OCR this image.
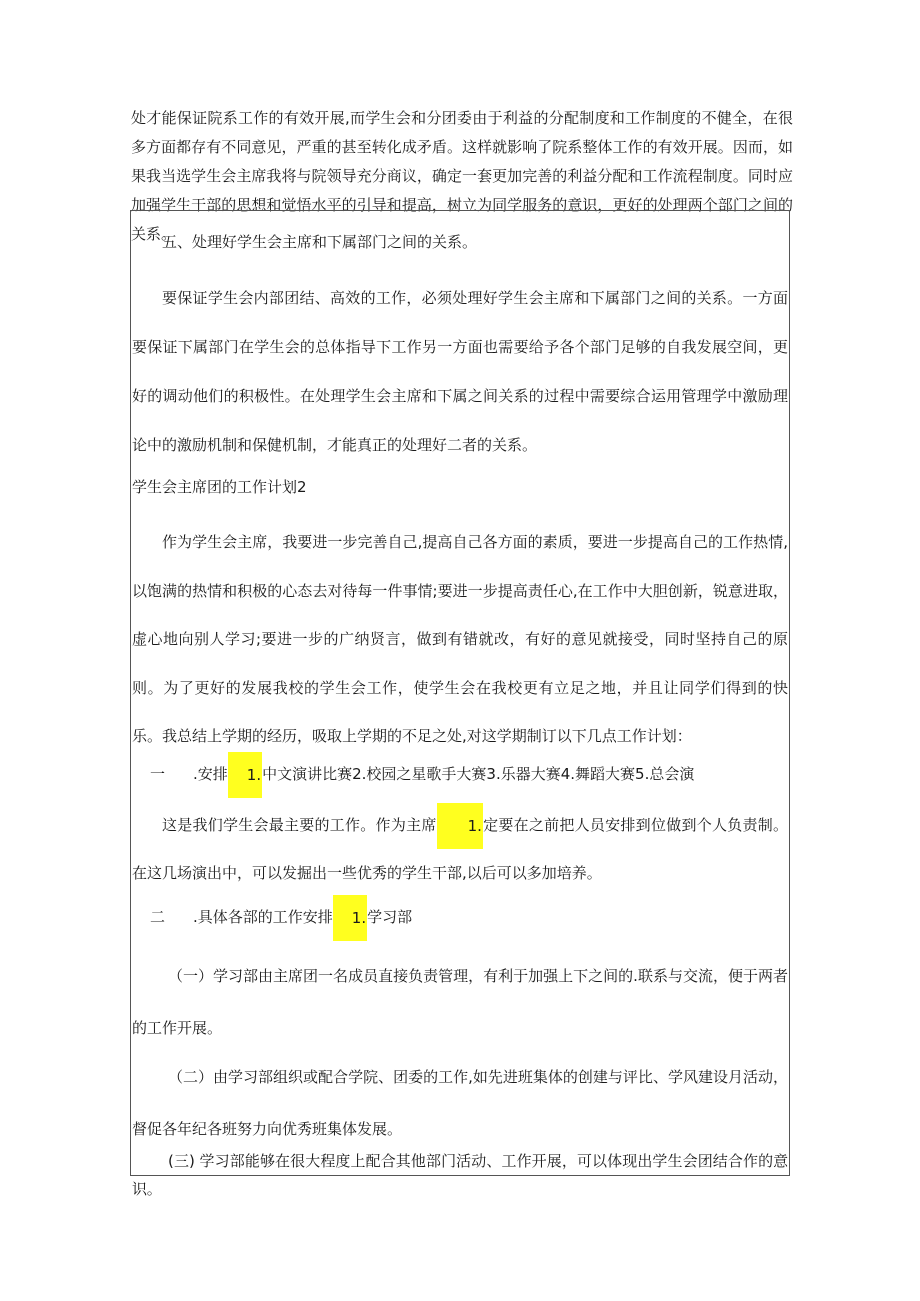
处才能保证院系工作的有效开展,而学生会和分团委由于利益的分配制度和工作制度的不健全，在很多方面都存有不同意见，严重的甚至转化成矛盾。这样就影响了院系整体工作的有效开展。因而，如果我当选学生会主席我将与院领导充分商议，确定一套更加完善的利益分配和工作流程制度。同时应加强学生干部的思想和觉悟水平的引导和提高，树立为同学服务的意识，更好的处理两个部门之间的关系。

五、处理好学生会主席和下属部门之间的关系。

要保证学生会内部团结、高效的工作，必须处理好学生会主席和下属部门之间的关系。一方面要保证下属部门在学生会的总体指导下工作另一方面也需要给予各个部门足够的自我发展空间，更好的调动他们的积极性。在处理学生会主席和下属之间关系的过程中需要综合运用管理学中激励理论中的激励机制和保健机制，才能真正的处理好二者的关系。

学生会主席团的工作计划2

作为学生会主席，我要进一步完善自己,提高自己各方面的素质，要进一步提高自己的工作热情,以饱满的热情和积极的心态去对待每一件事情;要进一步提高责任心,在工作中大胆创新，锐意进取，虚心地向别人学习;要进一步的广纳贤言，做到有错就改，有好的意见就接受，同时坚持自己的原则。为了更好的发展我校的学生会工作，使学生会在我校更有立足之地，并且让同学们得到的快乐。我总结上学期的经历，吸取上学期的不足之处,对这学期制订以下几点工作计划：

一 .安排 1.中文演讲比赛2.校园之星歌手大赛3.乐器大赛4.舞蹈大赛5.总会演

这是我们学生会最主要的工作。作为主席 1.定要在之前把人员安排到位做到个人负责制。在这几场演出中，可以发掘出一些优秀的学生干部,以后可以多加培养。

二 .具体各部的工作安排 1.学习部

（一）学习部由主席团一名成员直接负责管理，有利于加强上下之间的.联系与交流，便于两者的工作开展。

（二）由学习部组织或配合学院、团委的工作,如先进班集体的创建与评比、学风建设月活动，督促各年纪各班努力向优秀班集体发展。

(三) 学习部能够在很大程度上配合其他部门活动、工作开展，可以体现出学生会团结合作的意识。
